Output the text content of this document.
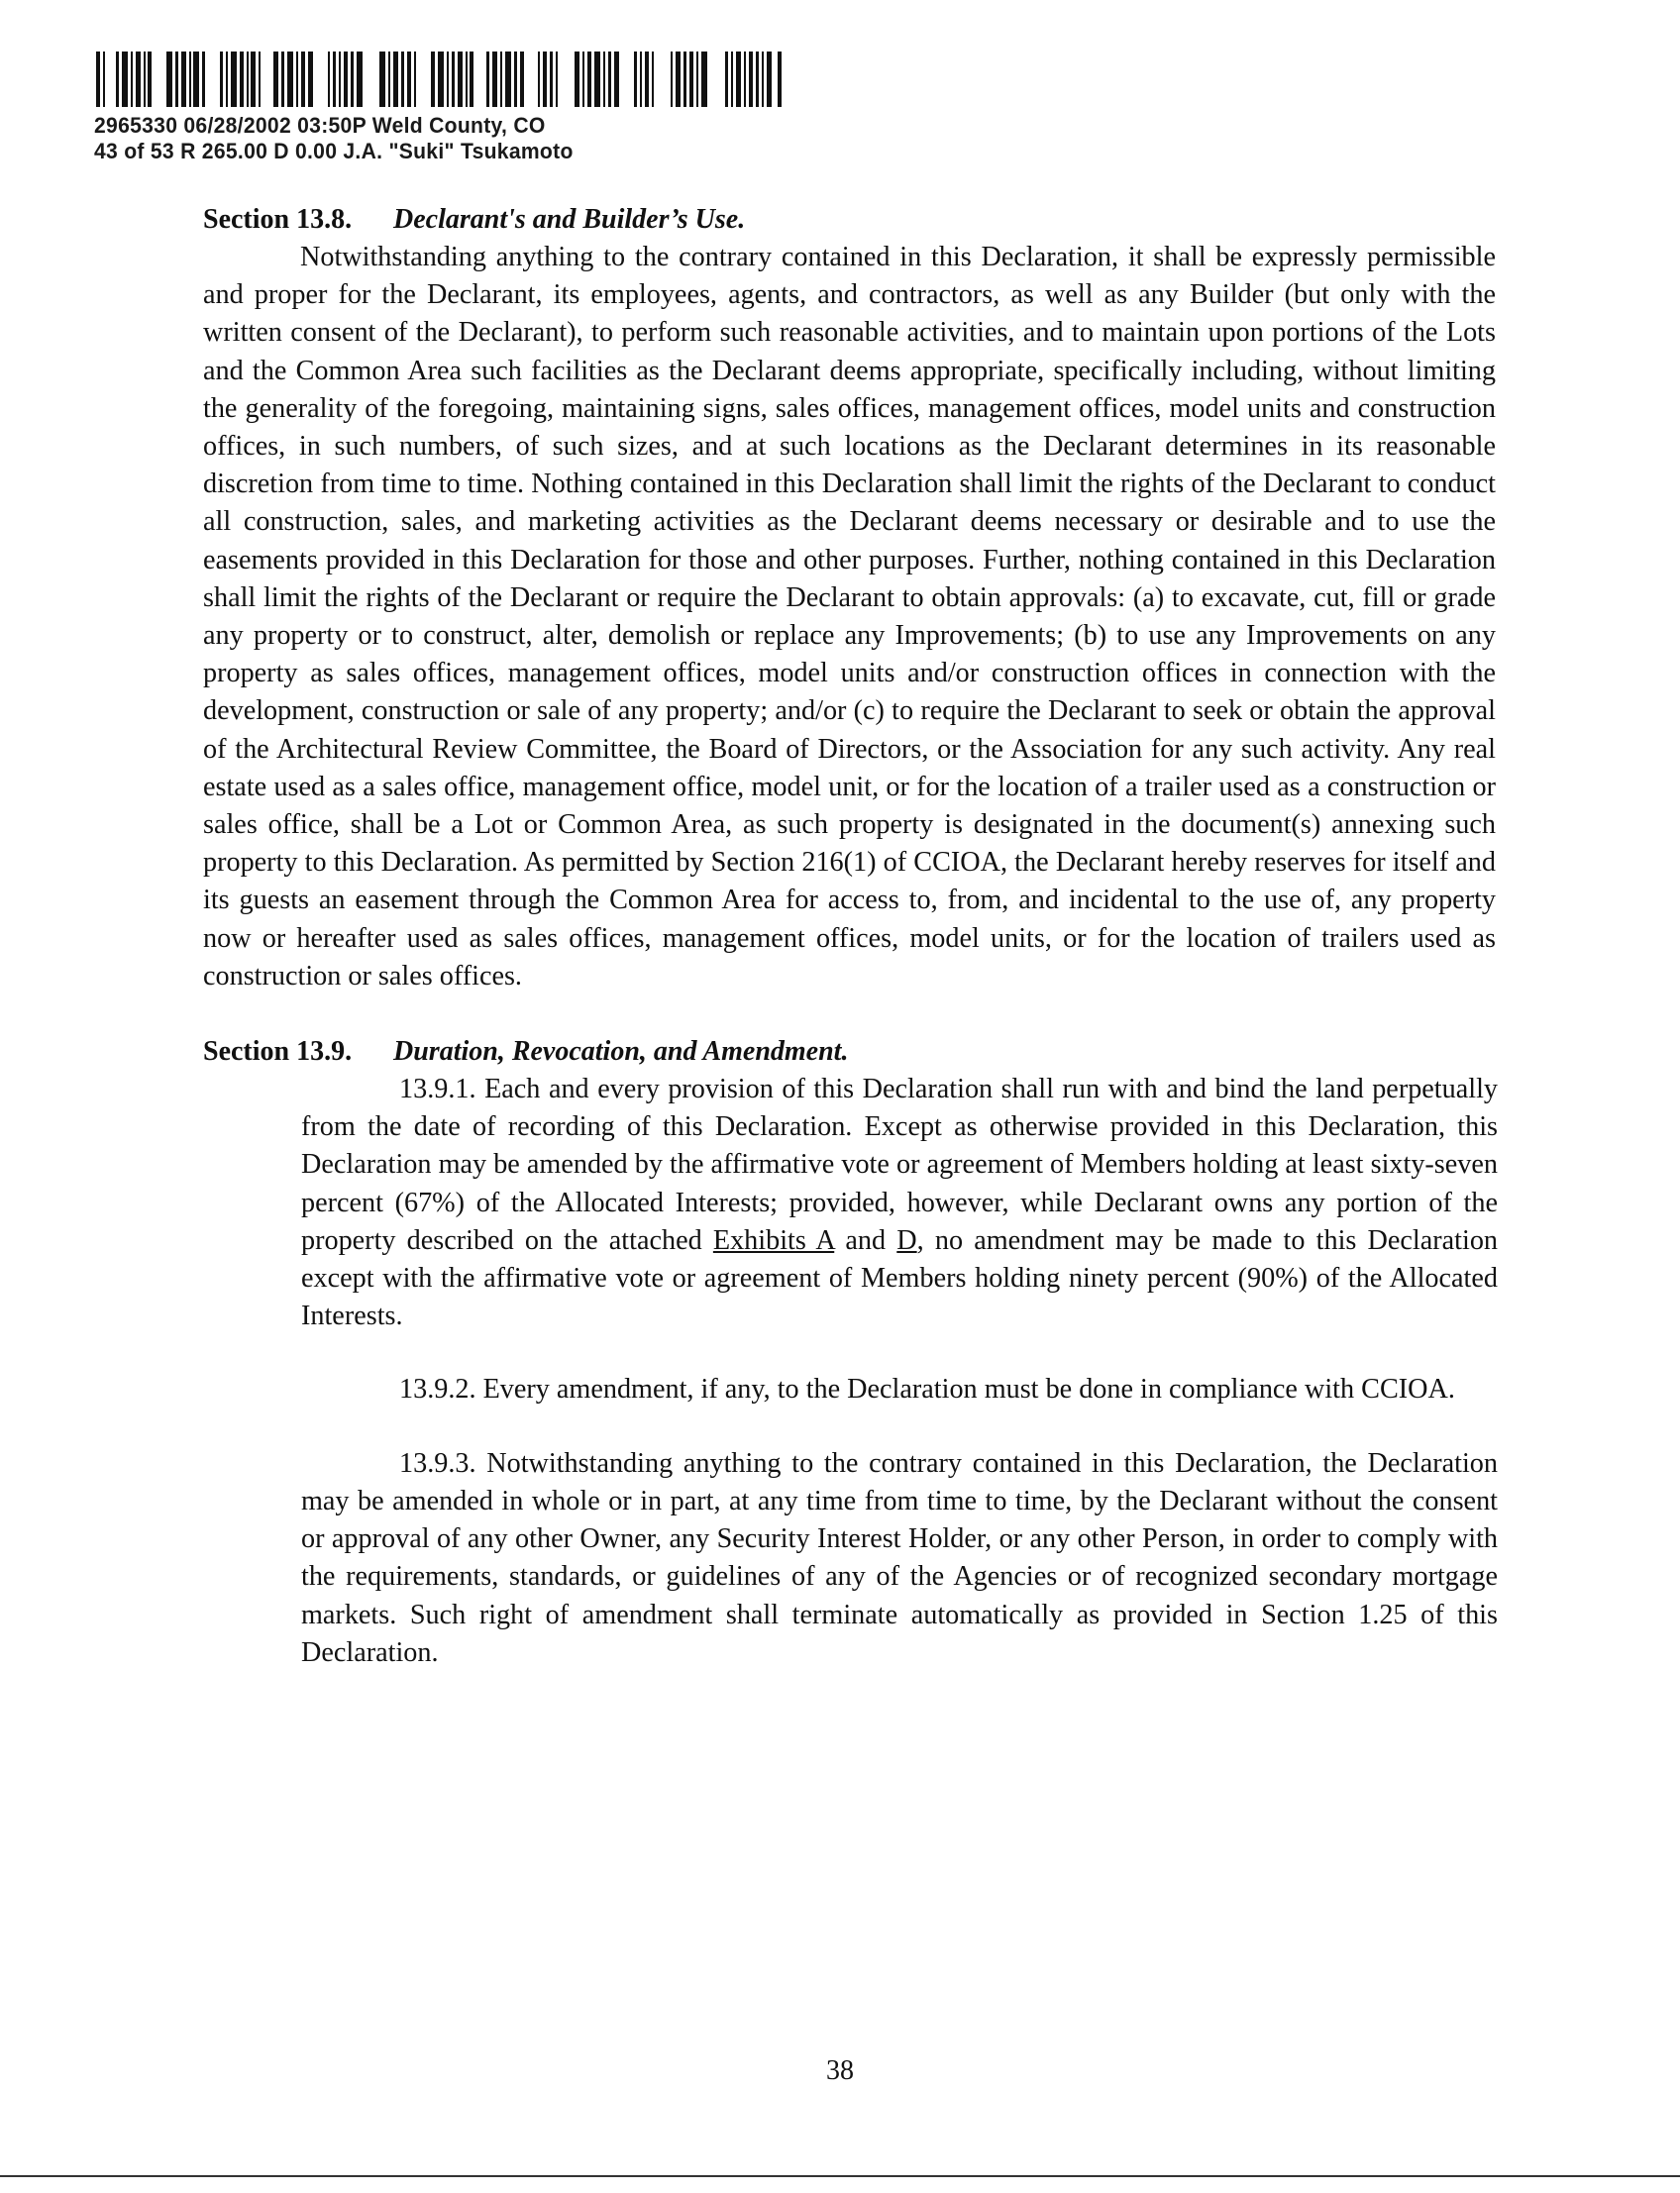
2965330 06/28/2002 03:50P Weld County, CO
43 of 53 R 265.00 D 0.00 J.A. "Suki" Tsukamoto
Section 13.8. Declarant's and Builder’s Use.

Notwithstanding anything to the contrary contained in this Declaration, it shall be expressly permissible and proper for the Declarant, its employees, agents, and contractors, as well as any Builder (but only with the written consent of the Declarant), to perform such reasonable activities, and to maintain upon portions of the Lots and the Common Area such facilities as the Declarant deems appropriate, specifically including, without limiting the generality of the foregoing, maintaining signs, sales offices, management offices, model units and construction offices, in such numbers, of such sizes, and at such locations as the Declarant determines in its reasonable discretion from time to time. Nothing contained in this Declaration shall limit the rights of the Declarant to conduct all construction, sales, and marketing activities as the Declarant deems necessary or desirable and to use the easements provided in this Declaration for those and other purposes. Further, nothing contained in this Declaration shall limit the rights of the Declarant or require the Declarant to obtain approvals: (a) to excavate, cut, fill or grade any property or to construct, alter, demolish or replace any Improvements; (b) to use any Improvements on any property as sales offices, management offices, model units and/or construction offices in connection with the development, construction or sale of any property; and/or (c) to require the Declarant to seek or obtain the approval of the Architectural Review Committee, the Board of Directors, or the Association for any such activity. Any real estate used as a sales office, management office, model unit, or for the location of a trailer used as a construction or sales office, shall be a Lot or Common Area, as such property is designated in the document(s) annexing such property to this Declaration. As permitted by Section 216(1) of CCIOA, the Declarant hereby reserves for itself and its guests an easement through the Common Area for access to, from, and incidental to the use of, any property now or hereafter used as sales offices, management offices, model units, or for the location of trailers used as construction or sales offices.

Section 13.9. Duration, Revocation, and Amendment.

13.9.1. Each and every provision of this Declaration shall run with and bind the land perpetually from the date of recording of this Declaration. Except as otherwise provided in this Declaration, this Declaration may be amended by the affirmative vote or agreement of Members holding at least sixty-seven percent (67%) of the Allocated Interests; provided, however, while Declarant owns any portion of the property described on the attached Exhibits A and D, no amendment may be made to this Declaration except with the affirmative vote or agreement of Members holding ninety percent (90%) of the Allocated Interests.

13.9.2. Every amendment, if any, to the Declaration must be done in compliance with CCIOA.

13.9.3. Notwithstanding anything to the contrary contained in this Declaration, the Declaration may be amended in whole or in part, at any time from time to time, by the Declarant without the consent or approval of any other Owner, any Security Interest Holder, or any other Person, in order to comply with the requirements, standards, or guidelines of any of the Agencies or of recognized secondary mortgage markets. Such right of amendment shall terminate automatically as provided in Section 1.25 of this Declaration.

38
